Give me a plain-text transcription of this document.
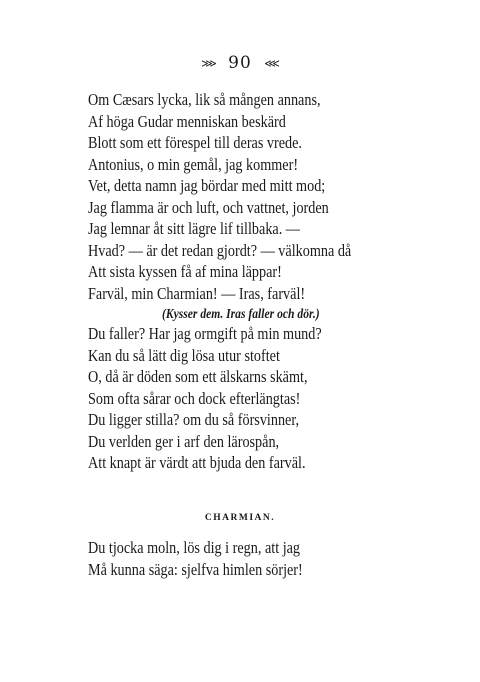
⋙ 90 ⋘
Om Cæsars lycka, lik så mången annans,
Af höga Gudar menniskan beskärd
Blott som ett förespel till deras vrede.
Antonius, o min gemål, jag kommer!
Vet, detta namn jag bördar med mitt mod;
Jag flamma är och luft, och vattnet, jorden
Jag lemnar åt sitt lägre lif tillbaka. —
Hvad? — är det redan gjordt? — välkomna då
Att sista kyssen få af mina läppar!
Farväl, min Charmian! — Iras, farväl!
(Kysser dem. Iras faller och dör.)
Du faller? Har jag ormgift på min mund?
Kan du så lätt dig lösa utur stoftet
O, då är döden som ett älskarns skämt,
Som ofta sårar och dock efterlängtas!
Du ligger stilla? om du så försvinner,
Du verlden ger i arf den lärospån,
Att knapt är värdt att bjuda den farväl.
CHARMIAN.
Du tjocka moln, lös dig i regn, att jag
Må kunna säga: sjelfva himlen sörjer!
